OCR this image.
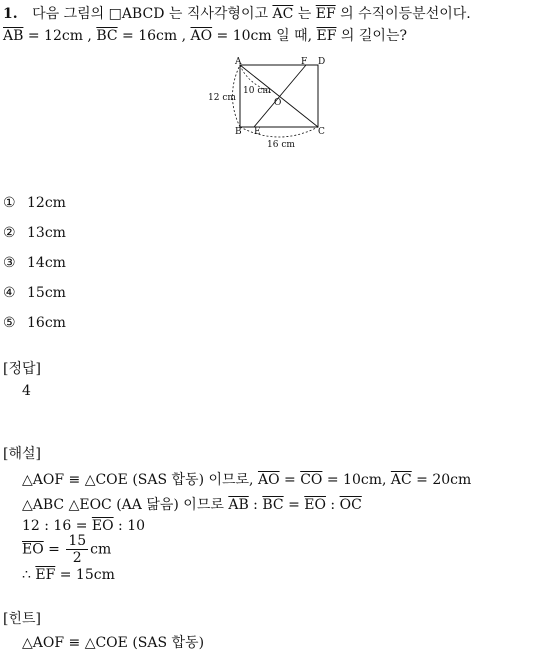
1. 다음 그림의 □ABCD 는 직사각형이고 $\overline{AC}$ 는 $\overline{EF}$ 의 수직이등분선이다.
$\overline{AB} = 12cm$ , $\overline{BC} = 16cm$ , $\overline{AO} = 10cm$ 일 때, $\overline{EF}$ 의 길이는?
A
B	C
D
E
F
O
10 cm
12 cm
16 cm
① 12cm
② 13cm
③ 14cm
④ 15cm
⑤ 16cm
[정답]
4
[해설]
△AOF ≡ △COE (SAS 합동) 이므로, $\overline{AO} = \overline{CO} = 10cm$, $\overline{AC} = 20cm$
△ABC △EOC (AA 닮음) 이므로 $\overline{AB}$ : $\overline{BC} = \overline{EO}$ : $\overline{OC}$
12 : $16 = \overline{EO}$ : 10
$\overline{EO} = \frac{15}{2}$ cm
∴ $\overline{EF} = 15cm$
[힌트]
△AOF ≡ △COE (SAS 합동)
